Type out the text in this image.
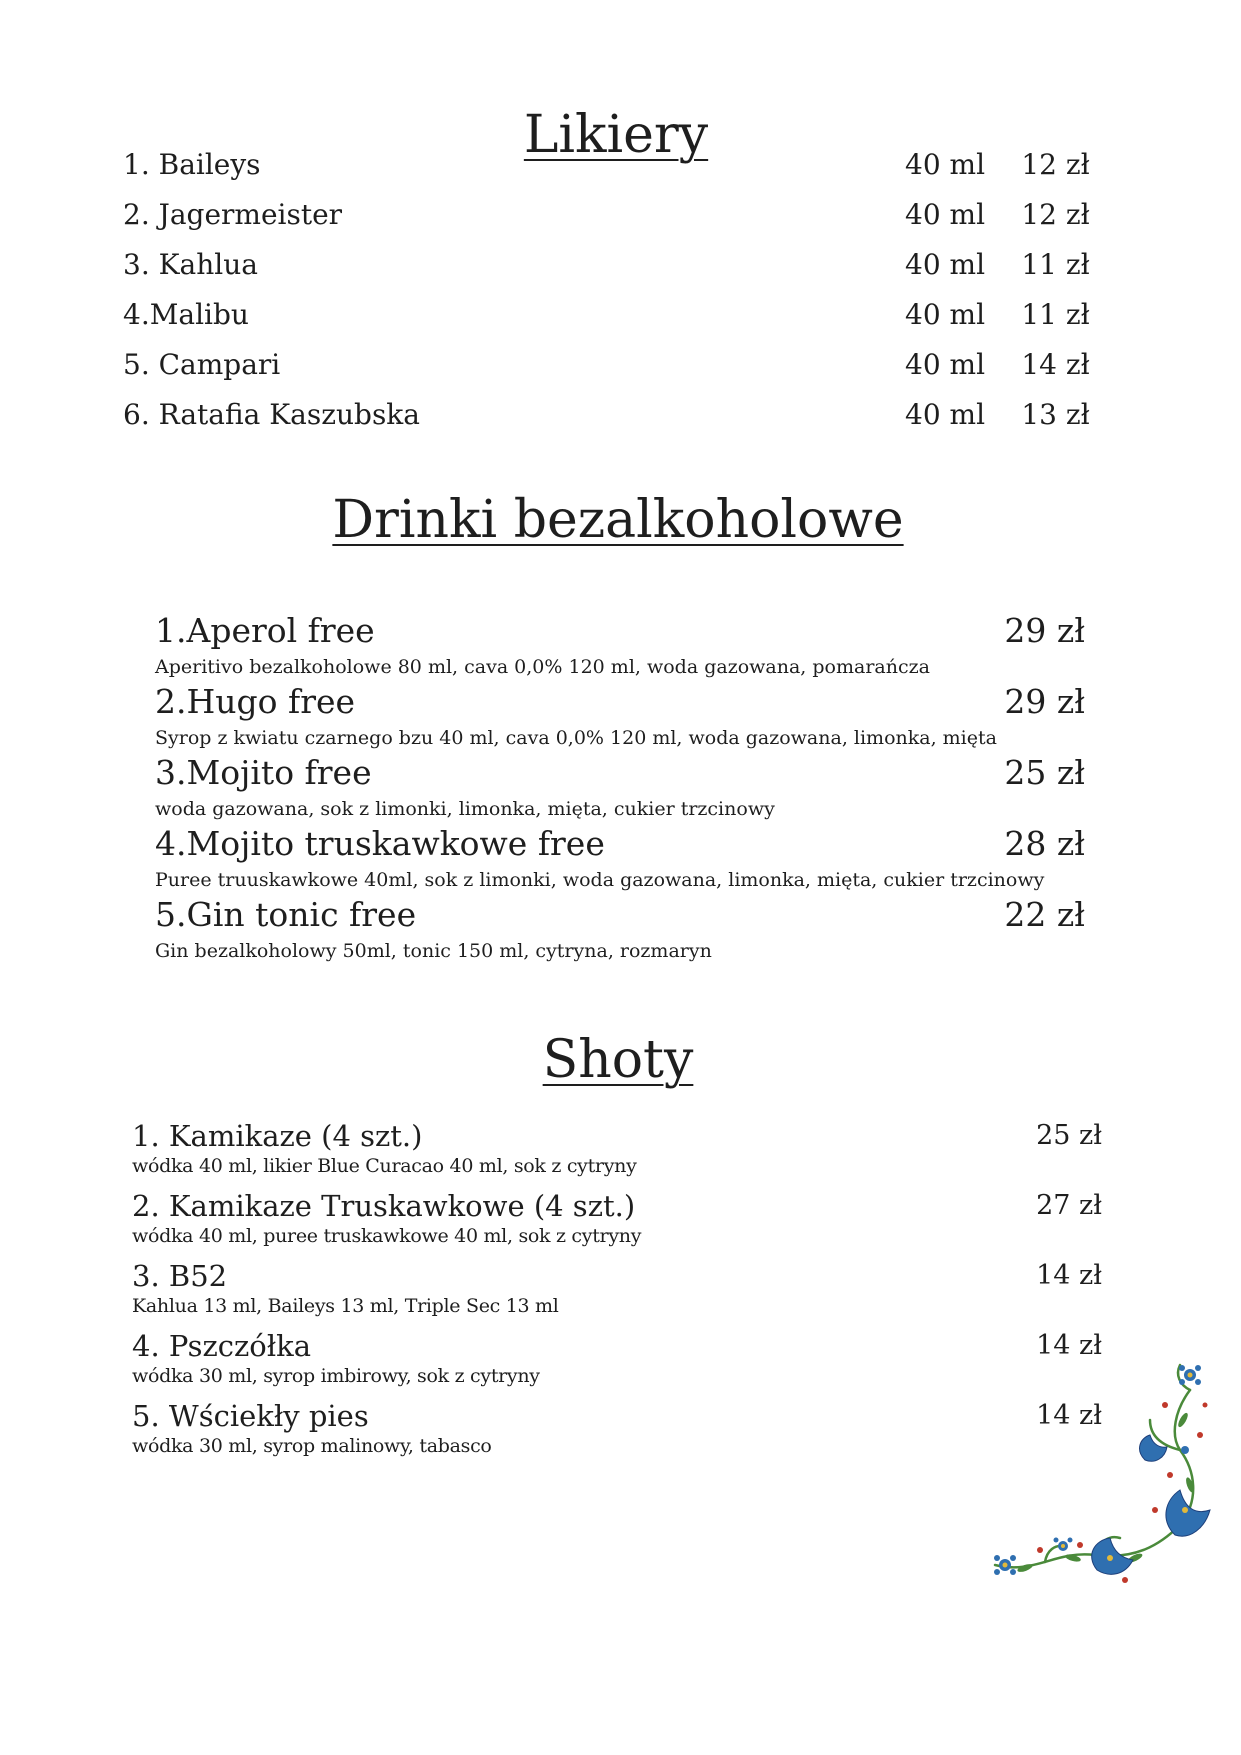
Likiery
1. Baileys	40 ml 12 zł
2. Jagermeister	40 ml 12 zł
3. Kahlua	40 ml 11 zł
4.Malibu	40 ml 11 zł
5. Campari	40 ml 14 zł
6. Ratafia Kaszubska	40 ml 13 zł
Drinki bezalkoholowe
1.Aperol free	29 zł
Aperitivo bezalkoholowe 80 ml, cava 0,0% 120 ml, woda gazowana, pomarańcza
2.Hugo free	29 zł
Syrop z kwiatu czarnego bzu 40 ml, cava 0,0% 120 ml, woda gazowana, limonka, mięta
3.Mojito free	25 zł
woda gazowana, sok z limonki, limonka, mięta, cukier trzcinowy
4.Mojito truskawkowe free	28 zł
Puree truuskawkowe 40ml, sok z limonki, woda gazowana, limonka, mięta, cukier trzcinowy
5.Gin tonic free	22 zł
Gin bezalkoholowy 50ml, tonic 150 ml, cytryna, rozmaryn
Shoty
1. Kamikaze (4 szt.)	25 zł
wódka 40 ml, likier Blue Curacao 40 ml, sok z cytryny
2. Kamikaze Truskawkowe (4 szt.)	27 zł
wódka 40 ml, puree truskawkowe 40 ml, sok z cytryny
3. B52	14 zł
Kahlua 13 ml, Baileys 13 ml, Triple Sec 13 ml
4. Pszczółka	14 zł
wódka 30 ml, syrop imbirowy, sok z cytryny
5. Wściekły pies	14 zł
wódka 30 ml, syrop malinowy, tabasco
